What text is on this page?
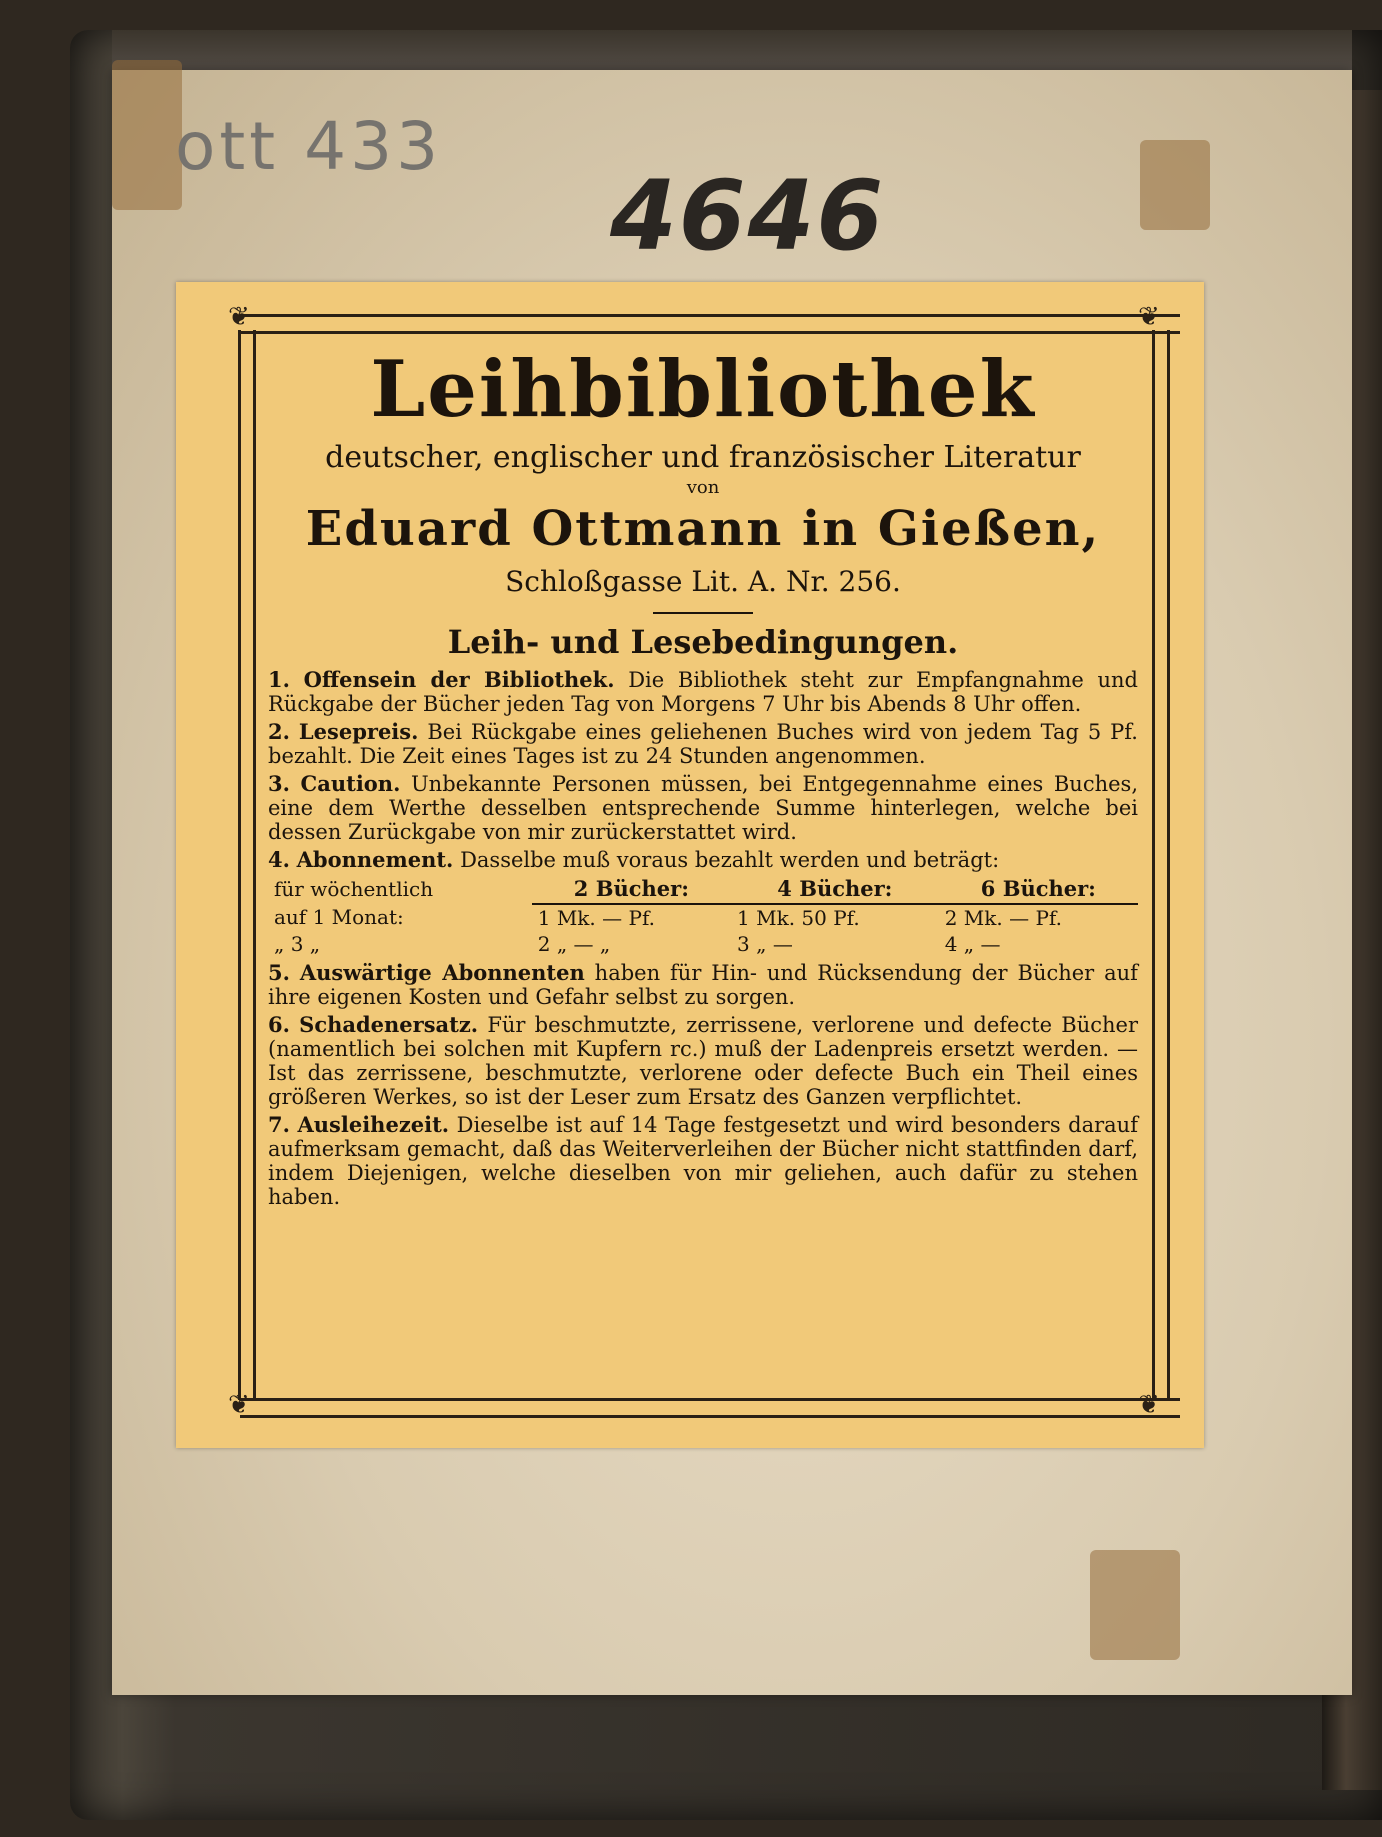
ott 433
4646
❦	❦
❦	❦

Leihbibliothek

deutscher, englischer und französischer Literatur

von

Eduard Ottmann in Gießen,

Schloßgasse Lit. A. Nr. 256.

Leih- und Lesebedingungen.

1. Offensein der Bibliothek. Die Bibliothek steht zur Empfangnahme und Rückgabe der Bücher jeden Tag von Morgens 7 Uhr bis Abends 8 Uhr offen.

2. Lesepreis. Bei Rückgabe eines geliehenen Buches wird von jedem Tag 5 Pf. bezahlt. Die Zeit eines Tages ist zu 24 Stunden angenommen.

3. Caution. Unbekannte Personen müssen, bei Entgegennahme eines Buches, eine dem Werthe desselben entsprechende Summe hinterlegen, welche bei dessen Zurückgabe von mir zurückerstattet wird.

4. Abonnement. Dasselbe muß voraus bezahlt werden und beträgt:

für wöchentlich	2 Bücher:	4 Bücher:	6 Bücher:
auf 1 Monat:	1 Mk. — Pf.	1 Mk. 50 Pf.	2 Mk. — Pf.
„ 3 „	2 „ — „	3 „ —	4 „ —

5. Auswärtige Abonnenten haben für Hin- und Rücksendung der Bücher auf ihre eigenen Kosten und Gefahr selbst zu sorgen.

6. Schadenersatz. Für beschmutzte, zerrissene, verlorene und defecte Bücher (namentlich bei solchen mit Kupfern rc.) muß der Ladenpreis ersetzt werden. — Ist das zerrissene, beschmutzte, verlorene oder defecte Buch ein Theil eines größeren Werkes, so ist der Leser zum Ersatz des Ganzen verpflichtet.

7. Ausleihezeit. Dieselbe ist auf 14 Tage festgesetzt und wird besonders darauf aufmerksam gemacht, daß das Weiterverleihen der Bücher nicht stattfinden darf, indem Diejenigen, welche dieselben von mir geliehen, auch dafür zu stehen haben.
